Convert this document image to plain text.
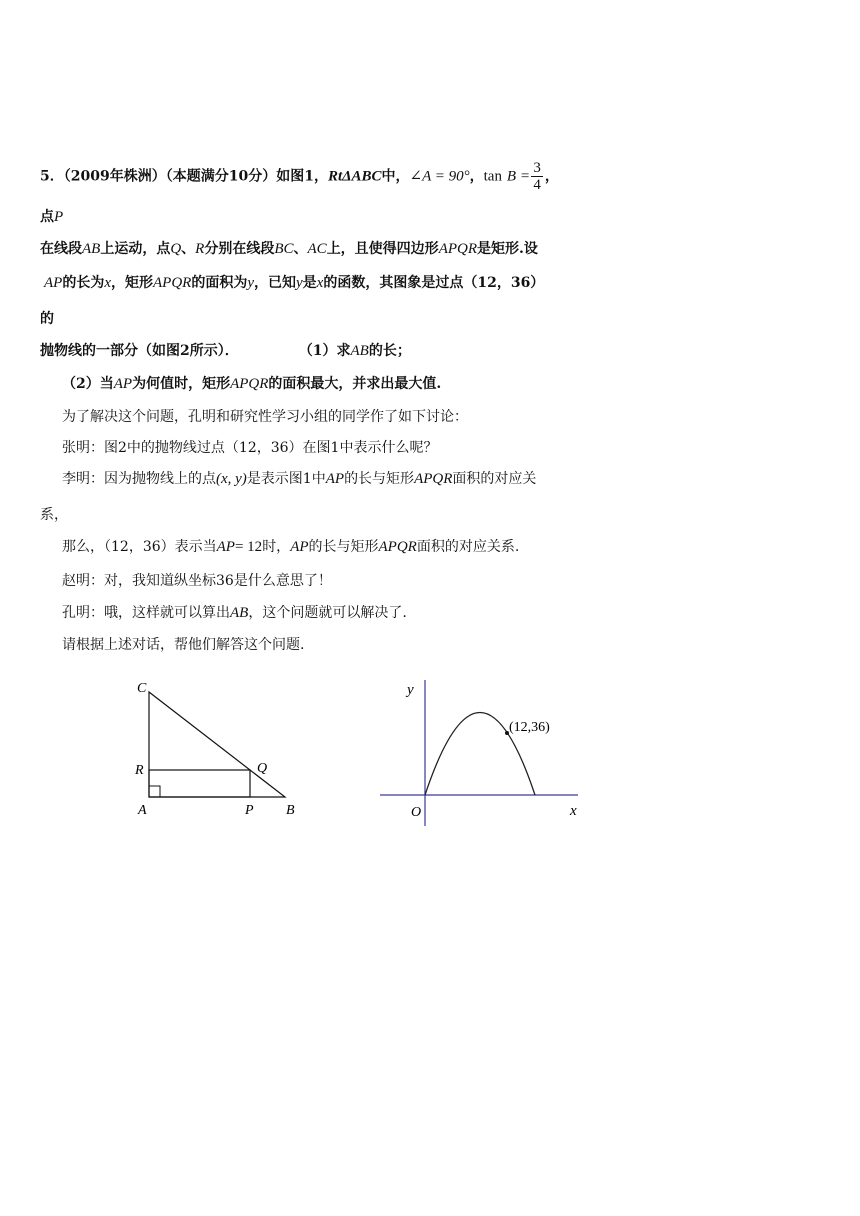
5．（2009年株洲）（本题满分10分）如图1，RtΔABC中，∠A = 90°，$\tan B = \frac{3}{4}$ ，
点P
在线段AB上运动，点Q、R分别在线段BC、AC上，且使得四边形APQR是矩形.设
AP的长为x，矩形APQR的面积为y，已知y是x的函数，其图象是过点（12，36）
的
抛物线的一部分（如图2所示）．	（1）求AB的长；
（2）当AP为何值时，矩形APQR的面积最大，并求出最大值.
为了解决这个问题，孔明和研究性学习小组的同学作了如下讨论：
张明：图2中的抛物线过点（12，36）在图1中表示什么呢？
李明：因为抛物线上的点(x, y)是表示图1中AP的长与矩形APQR面积的对应关
系，
那么，（12，36）表示当AP= 12时，AP的长与矩形APQR面积的对应关系.
赵明：对，我知道纵坐标36是什么意思了！
孔明：哦，这样就可以算出AB，这个问题就可以解决了.
请根据上述对话，帮他们解答这个问题.
C
R	Q
A	P B
(12,36)
y
O	x
